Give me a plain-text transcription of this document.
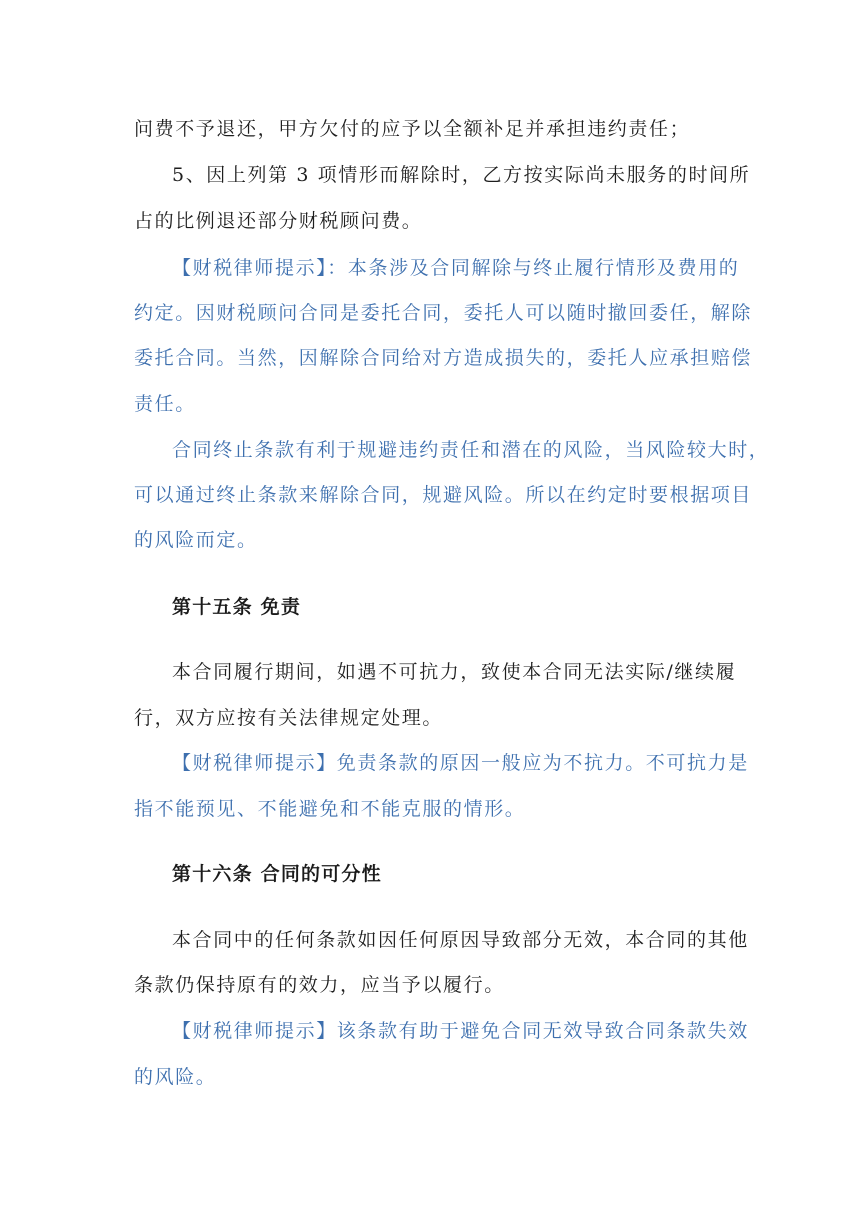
问费不予退还，甲方欠付的应予以全额补足并承担违约责任；
5、因上列第 3 项情形而解除时，乙方按实际尚未服务的时间所
占的比例退还部分财税顾问费。
【财税律师提示】：本条涉及合同解除与终止履行情形及费用的
约定。因财税顾问合同是委托合同，委托人可以随时撤回委任，解除
委托合同。当然，因解除合同给对方造成损失的，委托人应承担赔偿
责任。
合同终止条款有利于规避违约责任和潜在的风险，当风险较大时，
可以通过终止条款来解除合同，规避风险。所以在约定时要根据项目
的风险而定。
第十五条 免责
本合同履行期间，如遇不可抗力，致使本合同无法实际/继续履
行，双方应按有关法律规定处理。
【财税律师提示】免责条款的原因一般应为不抗力。不可抗力是
指不能预见、不能避免和不能克服的情形。
第十六条 合同的可分性
本合同中的任何条款如因任何原因导致部分无效，本合同的其他
条款仍保持原有的效力，应当予以履行。
【财税律师提示】该条款有助于避免合同无效导致合同条款失效
的风险。
